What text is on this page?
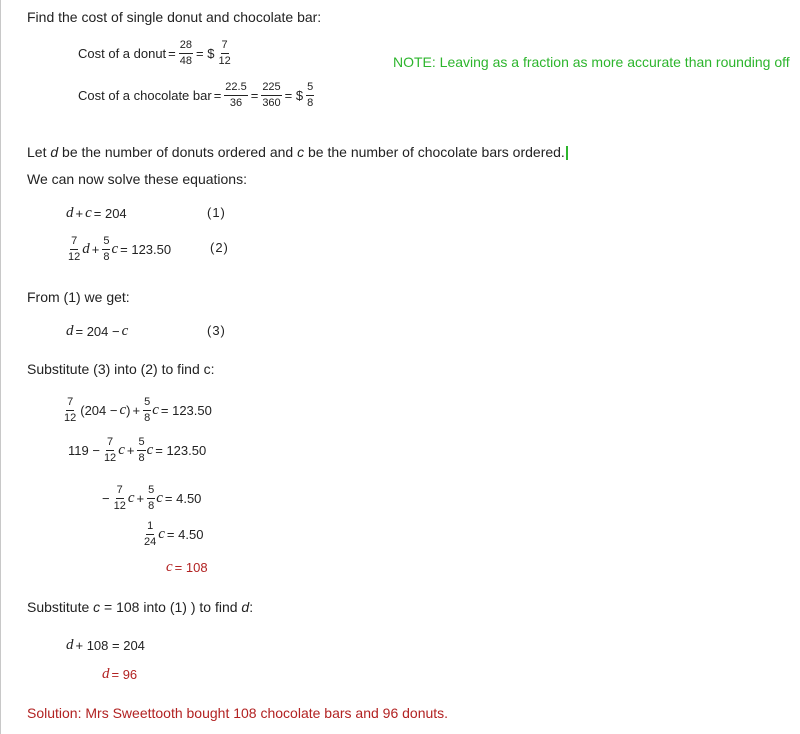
Find the cost of single donut and chocolate bar:
Cost of a donut = $\frac{28}{48}$ = $ $\frac{7}{12}$	NOTE: Leaving as a fraction as more accurate than rounding off
Cost of a chocolate bar = $\frac{22.5}{36} = \frac{225}{360}$ = $ $\frac{5}{8}$
Let d be the number of donuts ordered and c be the number of chocolate bars ordered.
We can now solve these equations:
d + c = 204	(1)
$\frac{7}{12}$ $d + \frac{5}{8}$ c = 123.50	(2)
From (1) we get:
d = 204 − c	(3)
Substitute (3) into (2) to find c:
$\frac{7}{12} (204 - c$ ) + $\frac{5}{8}$ c = 123.50
$119 - \frac{7}{12}$ $c + \frac{5}{8}$ c = 123.50
− $\frac{7}{12}$ $c + \frac{5}{8}$ c = 4.50
$\frac{1}{24}$ c = 4.50
c = 108
Substitute c = 108 into (1) ) to find d:
d + 108 = 204
d = 96
Solution: Mrs Sweettooth bought 108 chocolate bars and 96 donuts.
